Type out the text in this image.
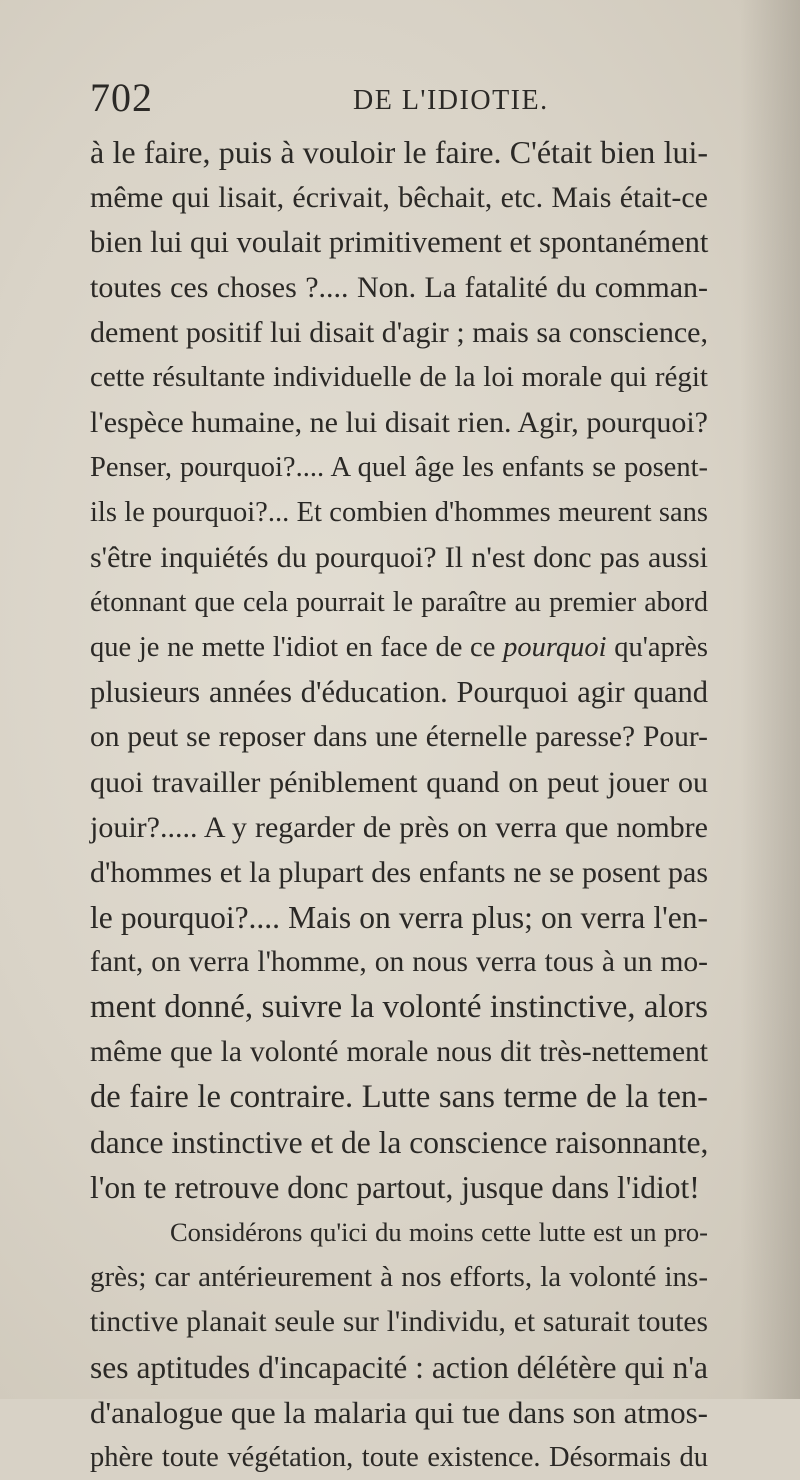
702	DE L'IDIOTIE.
à le faire, puis à vouloir le faire. C'était bien lui-
même qui lisait, écrivait, bêchait, etc. Mais était-ce
bien lui qui voulait primitivement et spontanément
toutes ces choses ?.... Non. La fatalité du comman-
dement positif lui disait d'agir ; mais sa conscience,
cette résultante individuelle de la loi morale qui régit
l'espèce humaine, ne lui disait rien. Agir, pourquoi?
Penser, pourquoi?.... A quel âge les enfants se posent-
ils le pourquoi?... Et combien d'hommes meurent sans
s'être inquiétés du pourquoi? Il n'est donc pas aussi
étonnant que cela pourrait le paraître au premier abord
que je ne mette l'idiot en face de ce pourquoi qu'après
plusieurs années d'éducation. Pourquoi agir quand
on peut se reposer dans une éternelle paresse? Pour-
quoi travailler péniblement quand on peut jouer ou
jouir?..... A y regarder de près on verra que nombre
d'hommes et la plupart des enfants ne se posent pas
le pourquoi?.... Mais on verra plus; on verra l'en-
fant, on verra l'homme, on nous verra tous à un mo-
ment donné, suivre la volonté instinctive, alors
même que la volonté morale nous dit très-nettement
de faire le contraire. Lutte sans terme de la ten-
dance instinctive et de la conscience raisonnante,
l'on te retrouve donc partout, jusque dans l'idiot!
Considérons qu'ici du moins cette lutte est un pro-
grès; car antérieurement à nos efforts, la volonté ins-
tinctive planait seule sur l'individu, et saturait toutes
ses aptitudes d'incapacité : action délétère qui n'a
d'analogue que la malaria qui tue dans son atmos-
phère toute végétation, toute existence. Désormais du
